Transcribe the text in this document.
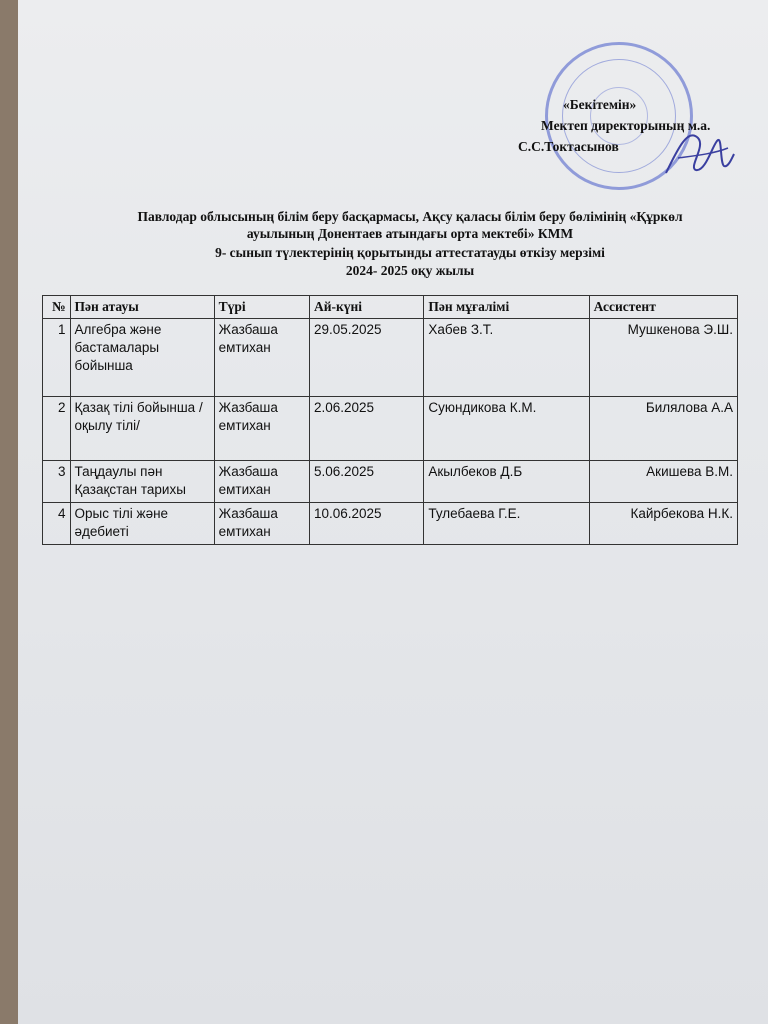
«Бекітемін»
Мектеп директорының м.а.
С.С.Токтасынов
Павлодар облысының білім беру басқармасы, Ақсу қаласы білім беру бөлімінің «Құркөл
ауылының Донентаев атындағы орта мектебі» КММ
9- сынып түлектерінің қорытынды аттестатауды өткізу мерзімі
2024- 2025 оқу жылы
№	Пән атауы	Түрі	Ай-күні	Пән мұғалімі	Ассистент
1	Алгебра және бастамалары бойынша	Жазбаша емтихан	29.05.2025	Хабев З.Т.	Мушкенова Э.Ш.
2	Қазақ тілі бойынша /оқылу тілі/	Жазбаша емтихан	2.06.2025	Суюндикова К.М.	Билялова А.А
3	Таңдаулы пән Қазақстан тарихы	Жазбаша емтихан	5.06.2025	Акылбеков Д.Б	Акишева В.М.
4	Орыс тілі және әдебиеті	Жазбаша емтихан	10.06.2025	Тулебаева Г.Е.	Кайрбекова Н.К.
